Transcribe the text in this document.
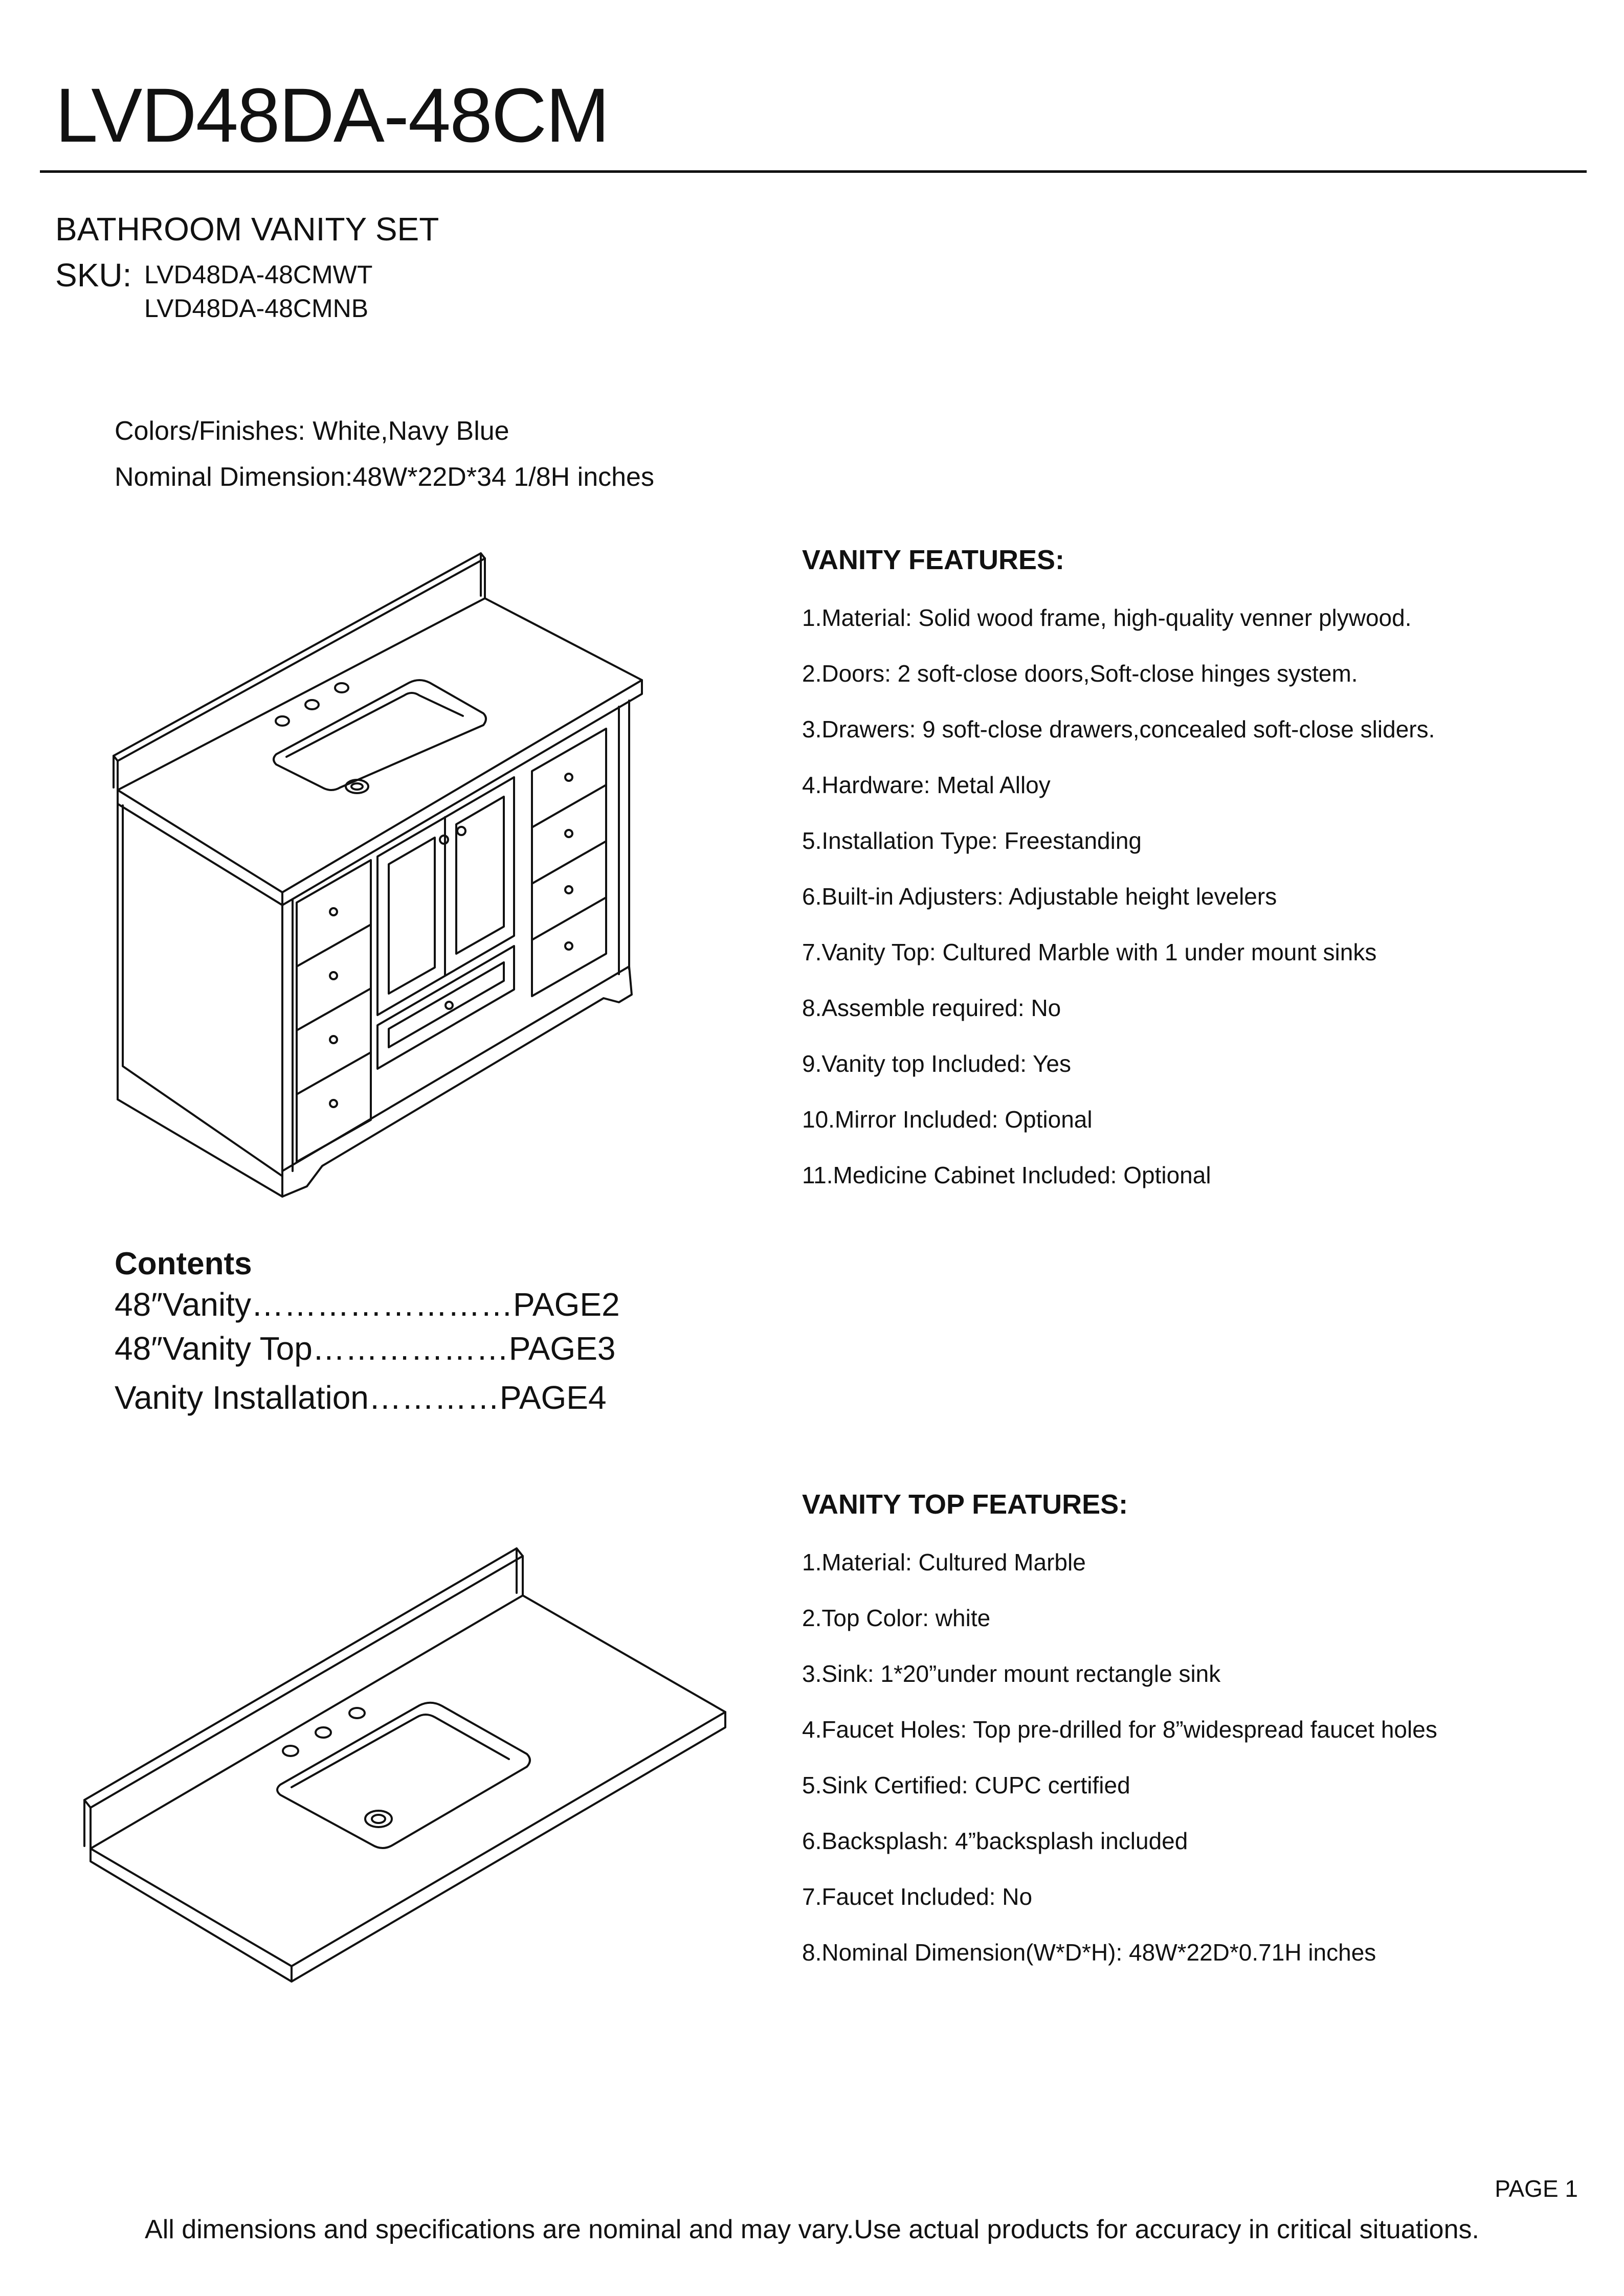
LVD48DA-48CM
BATHROOM VANITY SET
SKU: LVD48DA-48CMWT
LVD48DA-48CMNB
Colors/Finishes: White,Navy Blue
Nominal Dimension:48W*22D*34 1/8H inches
VANITY FEATURES:
1.Material: Solid wood frame, high-quality venner plywood.
2.Doors: 2 soft-close doors,Soft-close hinges system.
3.Drawers: 9 soft-close drawers,concealed soft-close sliders.
4.Hardware: Metal Alloy
5.Installation Type: Freestanding
6.Built-in Adjusters: Adjustable height levelers
7.Vanity Top: Cultured Marble with 1 under mount sinks
8.Assemble required: No
9.Vanity top Included: Yes
10.Mirror Included: Optional
11.Medicine Cabinet Included: Optional
Contents
48″Vanity……………………PAGE2
48″Vanity Top………………PAGE3
Vanity Installation…………PAGE4
VANITY TOP FEATURES:
1.Material: Cultured Marble
2.Top Color: white
3.Sink: 1*20”under mount rectangle sink
4.Faucet Holes: Top pre-drilled for 8”widespread faucet holes
5.Sink Certified: CUPC certified
6.Backsplash: 4”backsplash included
7.Faucet Included: No
8.Nominal Dimension(W*D*H): 48W*22D*0.71H inches
PAGE 1
All dimensions and specifications are nominal and may vary.Use actual products for accuracy in critical situations.
